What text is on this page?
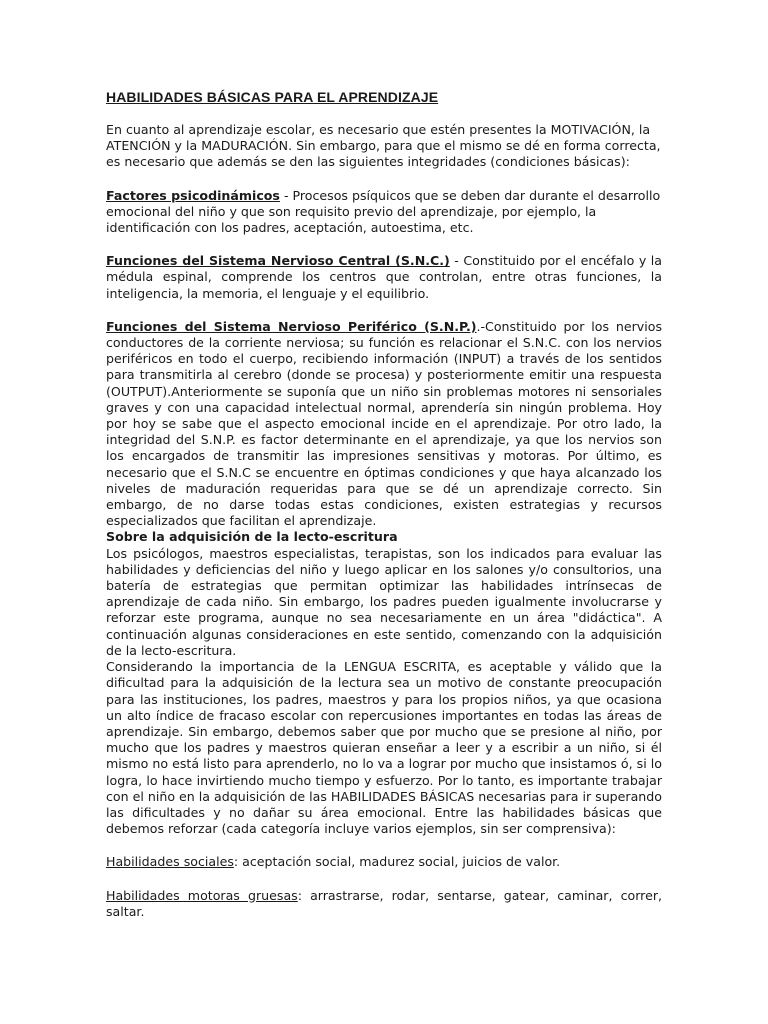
HABILIDADES BÁSICAS PARA EL APRENDIZAJE

En cuanto al aprendizaje escolar, es necesario que estén presentes la MOTIVACIÓN, la ATENCIÓN y la MADURACIÓN. Sin embargo, para que el mismo se dé en forma correcta, es necesario que además se den las siguientes integridades (condiciones básicas):

Factores psicodinámicos - Procesos psíquicos que se deben dar durante el desarrollo emocional del niño y que son requisito previo del aprendizaje, por ejemplo, la identificación con los padres, aceptación, autoestima, etc.

Funciones del Sistema Nervioso Central (S.N.C.) - Constituido por el encéfalo y la médula espinal, comprende los centros que controlan, entre otras funciones, la inteligencia, la memoria, el lenguaje y el equilibrio.

Funciones del Sistema Nervioso Periférico (S.N.P.).-Constituido por los nervios conductores de la corriente nerviosa; su función es relacionar el S.N.C. con los nervios periféricos en todo el cuerpo, recibiendo información (INPUT) a través de los sentidos para transmitirla al cerebro (donde se procesa) y posteriormente emitir una respuesta (OUTPUT).Anteriormente se suponía que un niño sin problemas motores ni sensoriales graves y con una capacidad intelectual normal, aprendería sin ningún problema. Hoy por hoy se sabe que el aspecto emocional incide en el aprendizaje. Por otro lado, la integridad del S.N.P. es factor determinante en el aprendizaje, ya que los nervios son los encargados de transmitir las impresiones sensitivas y motoras. Por último, es necesario que el S.N.C se encuentre en óptimas condiciones y que haya alcanzado los niveles de maduración requeridas para que se dé un aprendizaje correcto. Sin embargo, de no darse todas estas condiciones, existen estrategias y recursos especializados que facilitan el aprendizaje.

Sobre la adquisición de la lecto-escritura

Los psicólogos, maestros especialistas, terapistas, son los indicados para evaluar las habilidades y deficiencias del niño y luego aplicar en los salones y/o consultorios, una batería de estrategias que permitan optimizar las habilidades intrínsecas de aprendizaje de cada niño. Sin embargo, los padres pueden igualmente involucrarse y reforzar este programa, aunque no sea necesariamente en un área "didáctica". A continuación algunas consideraciones en este sentido, comenzando con la adquisición de la lecto-escritura.

Considerando la importancia de la LENGUA ESCRITA, es aceptable y válido que la dificultad para la adquisición de la lectura sea un motivo de constante preocupación para las instituciones, los padres, maestros y para los propios niños, ya que ocasiona un alto índice de fracaso escolar con repercusiones importantes en todas las áreas de aprendizaje. Sin embargo, debemos saber que por mucho que se presione al niño, por mucho que los padres y maestros quieran enseñar a leer y a escribir a un niño, si él mismo no está listo para aprenderlo, no lo va a lograr por mucho que insistamos ó, si lo logra, lo hace invirtiendo mucho tiempo y esfuerzo. Por lo tanto, es importante trabajar con el niño en la adquisición de las HABILIDADES BÁSICAS necesarias para ir superando las dificultades y no dañar su área emocional. Entre las habilidades básicas que debemos reforzar (cada categoría incluye varios ejemplos, sin ser comprensiva):

Habilidades sociales: aceptación social, madurez social, juicios de valor.

Habilidades motoras gruesas: arrastrarse, rodar, sentarse, gatear, caminar, correr, saltar.
